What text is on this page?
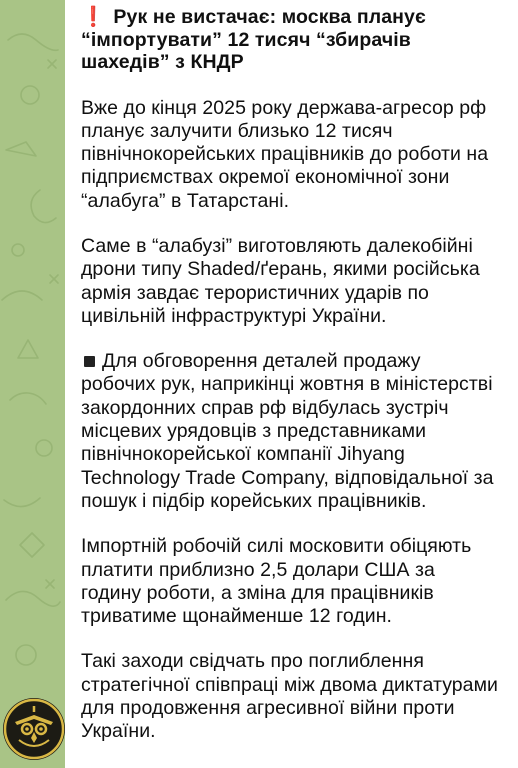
❗ Рук не вистачає: москва планує “імпортувати” 12 тисяч “збирачів шахедів” з КНДР
Вже до кінця 2025 року держава-агресор рф планує залучити близько 12 тисяч північнокорейських працівників до роботи на підприємствах окремої економічної зони “алабуга” в Татарстані.
Саме в “алабузі” виготовляють далекобійні дрони типу Shaded/ґерань, якими російська армія завдає терористичних ударів по цивільній інфраструктурі України.
Для обговорення деталей продажу робочих рук, наприкінці жовтня в міністерстві закордонних справ рф відбулась зустріч місцевих урядовців з представниками північнокорейської компанії Jihyang Technology Trade Company, відповідальної за пошук і підбір корейських працівників.
Імпортній робочій силі московити обіцяють платити приблизно 2,5 долари США за годину роботи, а зміна для працівників триватиме щонайменше 12 годин.
Такі заходи свідчать про поглиблення стратегічної співпраці між двома диктатурами для продовження агресивної війни проти України.
